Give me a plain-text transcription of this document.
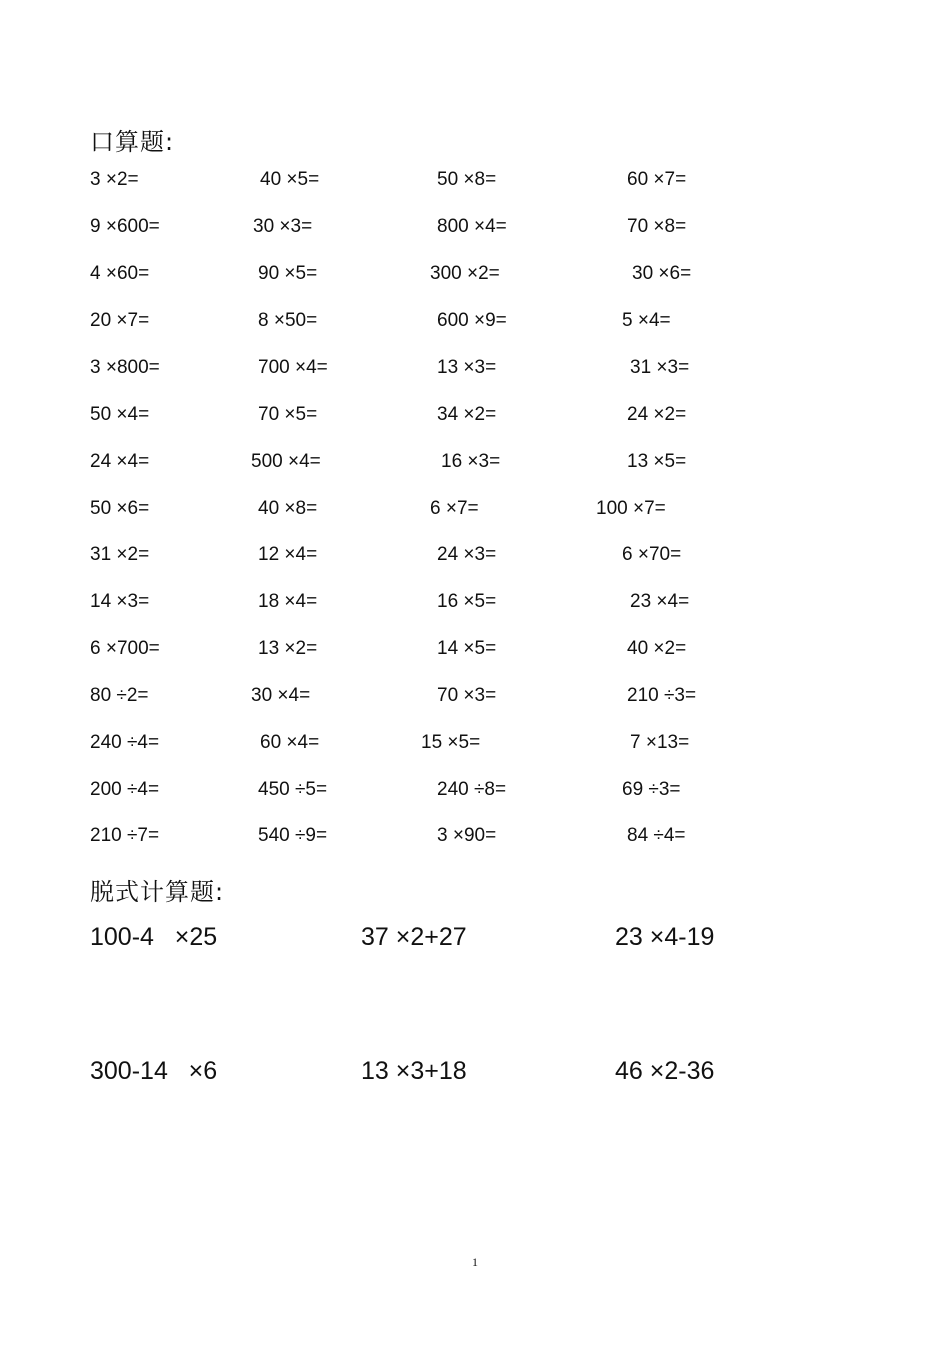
口算题:
3 ×2=	40 ×5=	50 ×8=	60 ×7=
9 ×600=	30 ×3=	800 ×4=	70 ×8=
4 ×60=	90 ×5=	300 ×2=	30 ×6=
20 ×7=	8 ×50=	600 ×9=	5 ×4=
3 ×800=	700 ×4=	13 ×3=	31 ×3=
50 ×4=	70 ×5=	34 ×2=	24 ×2=
24 ×4=	500 ×4=	16 ×3=	13 ×5=
50 ×6=	40 ×8=	6 ×7=	100 ×7=
31 ×2=	12 ×4=	24 ×3=	6 ×70=
14 ×3=	18 ×4=	16 ×5=	23 ×4=
6 ×700=	13 ×2=	14 ×5=	40 ×2=
80 ÷2=	30 ×4=	70 ×3=	210 ÷3=
240 ÷4=	60 ×4=	15 ×5=	7 ×13=
200 ÷4=	450 ÷5=	240 ÷8=	69 ÷3=
210 ÷7=	540 ÷9=	3 ×90=	84 ÷4=
脱式计算题:
100-4   ×25	37 ×2+27	23 ×4-19
300-14   ×6	13 ×3+18	46 ×2-36
1
